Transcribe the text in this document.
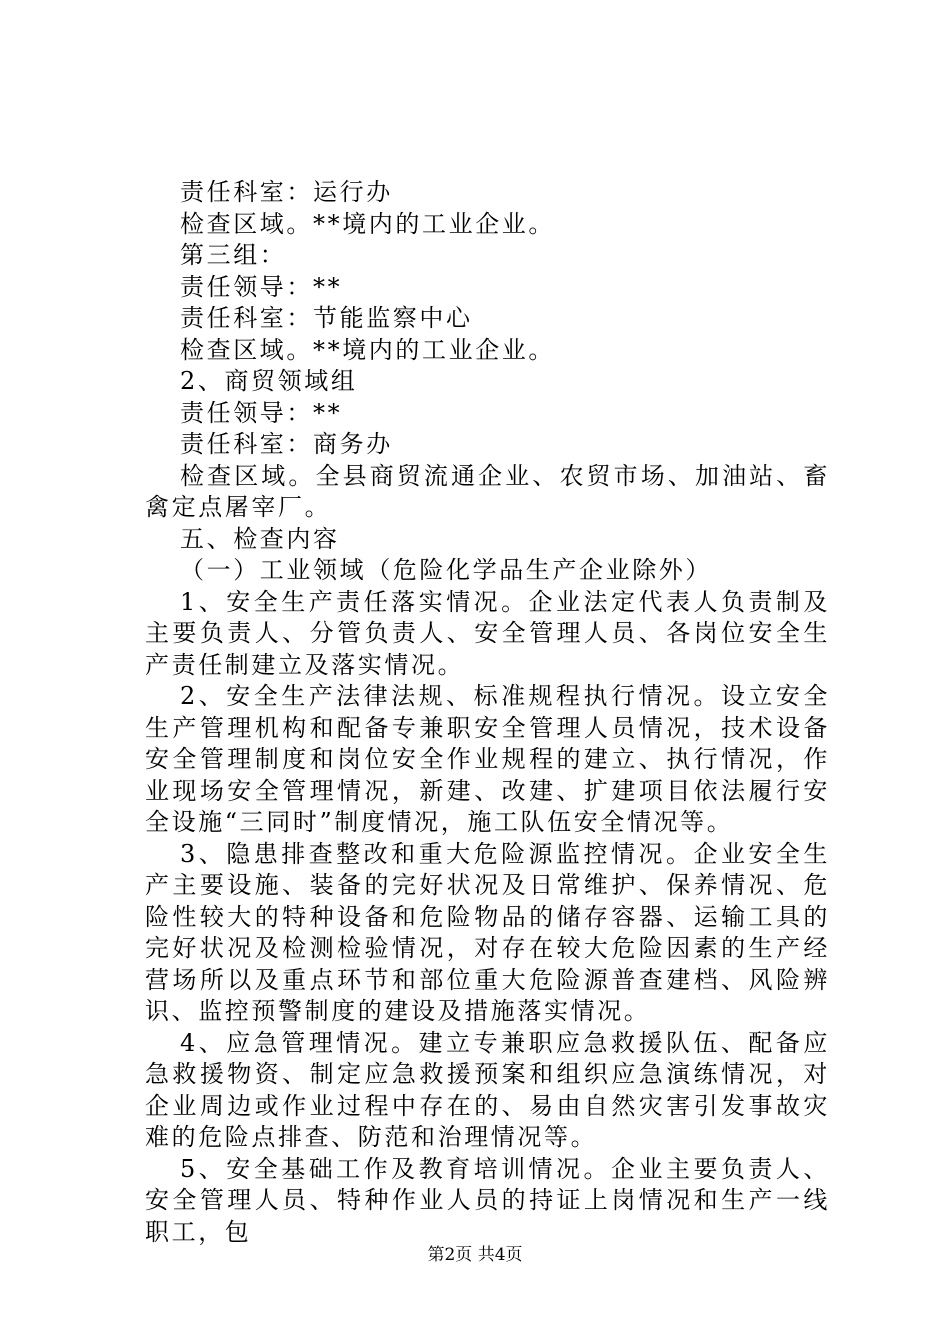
责任科室：运行办

检查区域。**境内的工业企业。

第三组：

责任领导：**

责任科室：节能监察中心

检查区域。**境内的工业企业。

2、商贸领域组

责任领导：**

责任科室：商务办

检查区域。全县商贸流通企业、农贸市场、加油站、畜禽定点屠宰厂。

五、检查内容

（一）工业领域（危险化学品生产企业除外）

1、安全生产责任落实情况。企业法定代表人负责制及主要负责人、分管负责人、安全管理人员、各岗位安全生产责任制建立及落实情况。

2、安全生产法律法规、标准规程执行情况。设立安全生产管理机构和配备专兼职安全管理人员情况，技术设备安全管理制度和岗位安全作业规程的建立、执行情况，作业现场安全管理情况，新建、改建、扩建项目依法履行安全设施“三同时”制度情况，施工队伍安全情况等。

3、隐患排查整改和重大危险源监控情况。企业安全生产主要设施、装备的完好状况及日常维护、保养情况、危险性较大的特种设备和危险物品的储存容器、运输工具的完好状况及检测检验情况，对存在较大危险因素的生产经营场所以及重点环节和部位重大危险源普查建档、风险辨识、监控预警制度的建设及措施落实情况。

4、应急管理情况。建立专兼职应急救援队伍、配备应急救援物资、制定应急救援预案和组织应急演练情况，对企业周边或作业过程中存在的、易由自然灾害引发事故灾难的危险点排查、防范和治理情况等。

5、安全基础工作及教育培训情况。企业主要负责人、安全管理人员、特种作业人员的持证上岗情况和生产一线职工，包

第2页 共4页
